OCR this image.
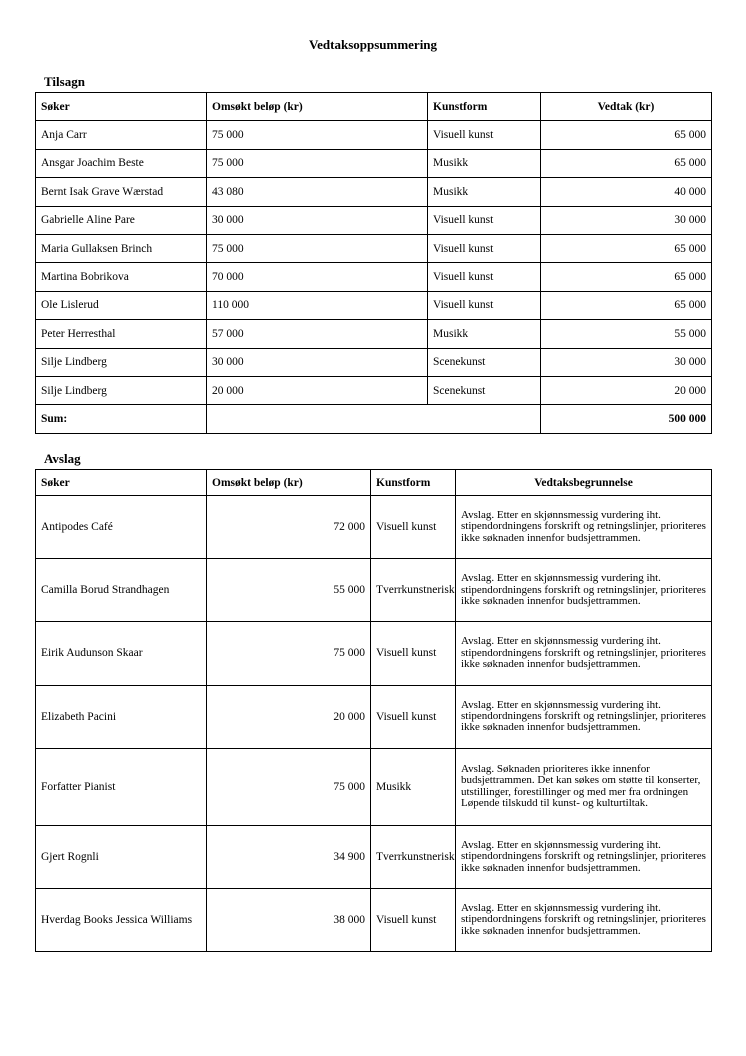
Vedtaksoppsummering
Tilsagn
Søker	Omsøkt beløp (kr)	Kunstform	Vedtak (kr)
Anja Carr	75 000	Visuell kunst	65 000
Ansgar Joachim Beste	75 000	Musikk	65 000
Bernt Isak Grave Wærstad	43 080	Musikk	40 000
Gabrielle Aline Pare	30 000	Visuell kunst	30 000
Maria Gullaksen Brinch	75 000	Visuell kunst	65 000
Martina Bobrikova	70 000	Visuell kunst	65 000
Ole Lislerud	110 000	Visuell kunst	65 000
Peter Herresthal	57 000	Musikk	55 000
Silje Lindberg	30 000	Scenekunst	30 000
Silje Lindberg	20 000	Scenekunst	20 000
Sum:			500 000
Avslag
Søker	Omsøkt beløp (kr)	Kunstform	Vedtaksbegrunnelse
Antipodes Café	72 000	Visuell kunst	Avslag. Etter en skjønnsmessig vurdering iht. stipendordningens forskrift og retningslinjer, prioriteres ikke søknaden innenfor budsjettrammen.
Camilla Borud Strandhagen	55 000	Tverrkunstnerisk	Avslag. Etter en skjønnsmessig vurdering iht. stipendordningens forskrift og retningslinjer, prioriteres ikke søknaden innenfor budsjettrammen.
Eirik Audunson Skaar	75 000	Visuell kunst	Avslag. Etter en skjønnsmessig vurdering iht. stipendordningens forskrift og retningslinjer, prioriteres ikke søknaden innenfor budsjettrammen.
Elizabeth Pacini	20 000	Visuell kunst	Avslag. Etter en skjønnsmessig vurdering iht. stipendordningens forskrift og retningslinjer, prioriteres ikke søknaden innenfor budsjettrammen.
Forfatter Pianist	75 000	Musikk	Avslag. Søknaden prioriteres ikke innenfor budsjettrammen. Det kan søkes om støtte til konserter, utstillinger, forestillinger og med mer fra ordningen Løpende tilskudd til kunst- og kulturtiltak.
Gjert Rognli	34 900	Tverrkunstnerisk	Avslag. Etter en skjønnsmessig vurdering iht. stipendordningens forskrift og retningslinjer, prioriteres ikke søknaden innenfor budsjettrammen.
Hverdag Books Jessica Williams	38 000	Visuell kunst	Avslag. Etter en skjønnsmessig vurdering iht. stipendordningens forskrift og retningslinjer, prioriteres ikke søknaden innenfor budsjettrammen.
